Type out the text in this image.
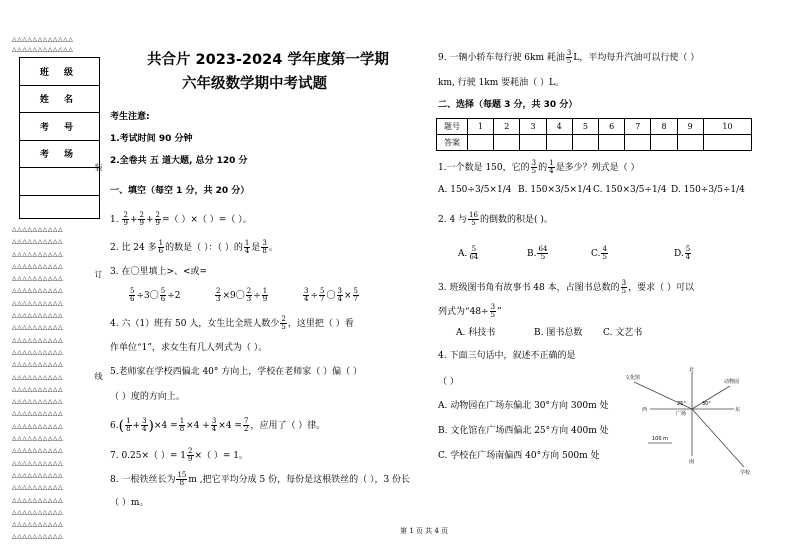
△△△△△△△△△△△△
△△△△△△△△△△△△
班 级
姓 名
考 号
考 场
△△△△△△△△△△
△△△△△△△△△△
△△△△△△△△△△
△△△△△△△△△△
△△△△△△△△△△
△△△△△△△△△△
△△△△△△△△△△
△△△△△△△△△△
△△△△△△△△△△
△△△△△△△△△△
△△△△△△△△△△
△△△△△△△△△△
△△△△△△△△△△
△△△△△△△△△△
△△△△△△△△△△
△△△△△△△△△△
△△△△△△△△△△
△△△△△△△△△△
△△△△△△△△△△
△△△△△△△△△△
△△△△△△△△△△
△△△△△△△△△△
△△△△△△△△△△
△△△△△△△△△△
△△△△△△△△△△
△△△△△△△△△△
装
订
线
共合片 2023-2024 学年度第一学期
六年级数学期中考试题
考生注意:
1.考试时间 90 分钟
2.全卷共 五 道大题, 总分 120 分
一、填空（每空 1 分，共 20 分）
1. $\frac{2}{9} + \frac{2}{9} + \frac{2}{9}$ =（ ）×（ ）=（ ）。
2. 比 24 多 $\frac{1}{6}$ 的数是（ ）：（ ）的 $\frac{1}{4}$ 是 $\frac{3}{8}$ 。
3. 在〇里填上>、<或=
$\frac{5}{6} \div 3$〇 $\frac{5}{6} \div 2$	$\frac{2}{3} \times 9$〇 $\frac{2}{3} \div \frac{1}{9}$	$\frac{3}{4} \div \frac{5}{7}$ 〇 $\frac{3}{4} \times \frac{5}{7}$
4. 六（1）班有 50 人，女生比全班人数少 $\frac{2}{5}$ ，这里把（ ）看
作单位“1”，求女生有几人列式为（ ）。
5.老师家在学校西偏北 40° 方向上，学校在老师家（ ）偏（ ）
（ ）度的方向上。
$6.( \frac{1}{8} + \frac{3}{4} )\times 4 = \frac{1}{8} \times 4 + \frac{3}{4} \times 4 = \frac{7}{2}$ ，应用了（ ）律。
7. 0.25×（ ）= $1 \frac{2}{9}$ ×（ ）= 1。
8. 一根铁丝长为 $\frac{15}{8}$ m ,把它平均分成 5 份，每份是这根铁丝的（ ），3 份长
（ ）m。
9. 一辆小轿车每行驶 6km 耗油 $\frac{3}{5}$ L，平均每升汽油可以行使（ ）
km, 行驶 1km 要耗油（ ）L。
二、选择（每题 3 分，共 30 分）
题号	1	2	3	4	5	6	7	8	9	10
答案										
1.一个数是 150，它的 $\frac{3}{5}$ 的 $\frac{1}{4}$ 是多少？列式是（ ）
A. 150÷3/5×1/4 B. 150×3/5×1/4 C. 150×3/5÷1/4 D. 150÷3/5÷1/4
2. 4 与 $\frac{16}{5}$ 的倒数的积是( )。
A. $\frac{5}{64}$	B. $\frac{64}{5}$	C. $\frac{4}{5}$	D. $\frac{5}{4}$
3. 班级图书角有故事书 48 本，占图书总数的 $\frac{3}{5}$ ，要求（ ）可以
列式为“$48\div \frac{3}{5}$ ”
A. 科技书	B. 图书总数 C. 文艺书
4. 下面三句话中，叙述不正确的是
（ ）
A. 动物园在广场东偏北 30°方向 300m 处
B. 文化馆在广场西偏北 25°方向 400m 处
C. 学校在广场南偏西 40°方向 500m 处
北
南
东
西
广场
文化馆
动物园
学校
25°	30°
100 m
第 1 页 共 4 页
